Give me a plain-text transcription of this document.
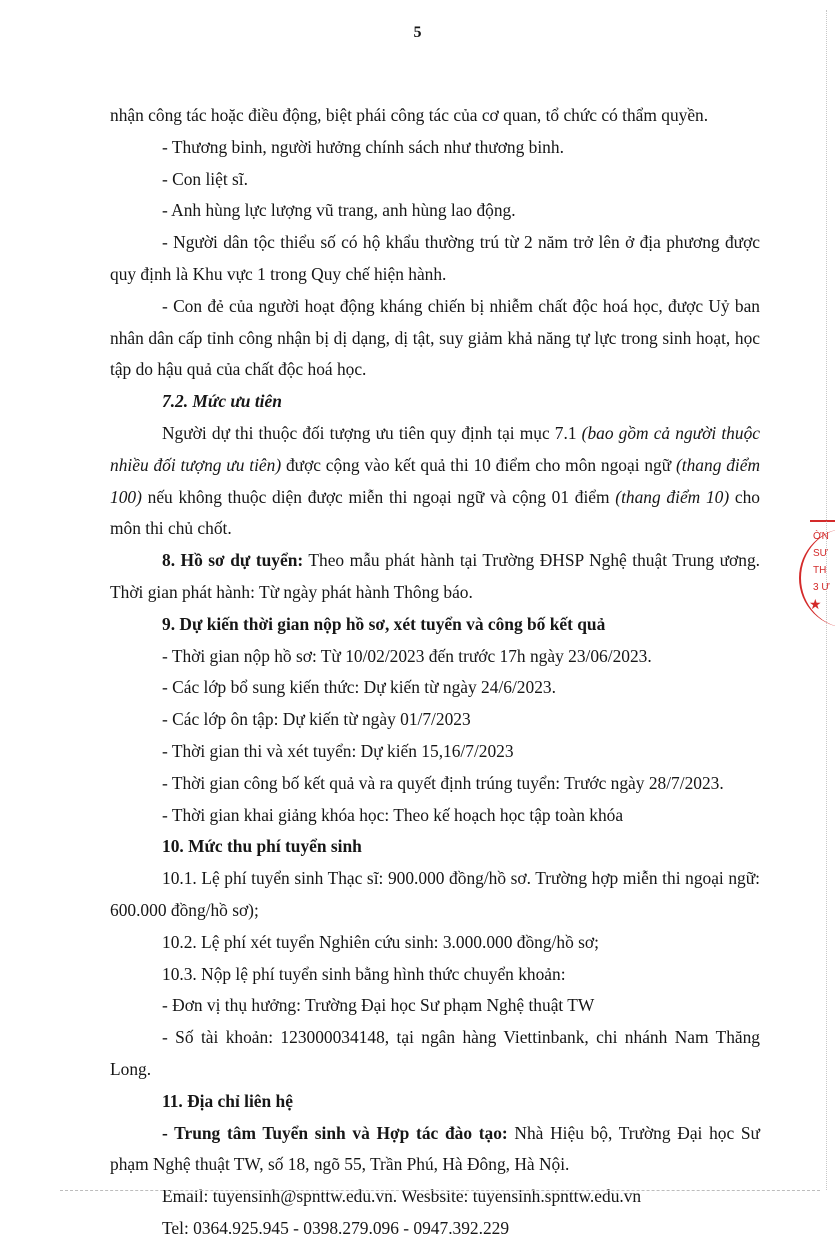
5

nhận công tác hoặc điều động, biệt phái công tác của cơ quan, tổ chức có thẩm quyền.

- Thương binh, người hưởng chính sách như thương binh.

- Con liệt sĩ.

- Anh hùng lực lượng vũ trang, anh hùng lao động.

- Người dân tộc thiểu số có hộ khẩu thường trú từ 2 năm trở lên ở địa phương được quy định là Khu vực 1 trong Quy chế hiện hành.

- Con đẻ của người hoạt động kháng chiến bị nhiễm chất độc hoá học, được Uỷ ban nhân dân cấp tỉnh công nhận bị dị dạng, dị tật, suy giảm khả năng tự lực trong sinh hoạt, học tập do hậu quả của chất độc hoá học.

7.2. Mức ưu tiên

Người dự thi thuộc đối tượng ưu tiên quy định tại mục 7.1 (bao gồm cả người thuộc nhiều đối tượng ưu tiên) được cộng vào kết quả thi 10 điểm cho môn ngoại ngữ (thang điểm 100) nếu không thuộc diện được miễn thi ngoại ngữ và cộng 01 điểm (thang điểm 10) cho môn thi chủ chốt.

8. Hồ sơ dự tuyển: Theo mẫu phát hành tại Trường ĐHSP Nghệ thuật Trung ương. Thời gian phát hành: Từ ngày phát hành Thông báo.

9. Dự kiến thời gian nộp hồ sơ, xét tuyển và công bố kết quả

- Thời gian nộp hồ sơ: Từ 10/02/2023 đến trước 17h ngày 23/06/2023.

- Các lớp bổ sung kiến thức: Dự kiến từ ngày 24/6/2023.

- Các lớp ôn tập: Dự kiến từ ngày 01/7/2023

- Thời gian thi và xét tuyển: Dự kiến 15,16/7/2023

- Thời gian công bố kết quả và ra quyết định trúng tuyển: Trước ngày 28/7/2023.

- Thời gian khai giảng khóa học: Theo kế hoạch học tập toàn khóa

10. Mức thu phí tuyển sinh

10.1. Lệ phí tuyển sinh Thạc sĩ: 900.000 đồng/hồ sơ. Trường hợp miễn thi ngoại ngữ: 600.000 đồng/hồ sơ);

10.2. Lệ phí xét tuyển Nghiên cứu sinh: 3.000.000 đồng/hồ sơ;

10.3. Nộp lệ phí tuyển sinh bằng hình thức chuyển khoản:

- Đơn vị thụ hưởng: Trường Đại học Sư phạm Nghệ thuật TW

- Số tài khoản: 123000034148, tại ngân hàng Viettinbank, chi nhánh Nam Thăng Long.

11. Địa chỉ liên hệ

- Trung tâm Tuyển sinh và Hợp tác đào tạo: Nhà Hiệu bộ, Trường Đại học Sư phạm Nghệ thuật TW, số 18, ngõ 55, Trần Phú, Hà Đông, Hà Nội.

Email: tuyensinh@spnttw.edu.vn. Wesbsite: tuyensinh.spnttw.edu.vn

Tel: 0364.925.945 - 0398.279.096 - 0947.392.229

ỜN
SƯ
TH
3 Ư
★
